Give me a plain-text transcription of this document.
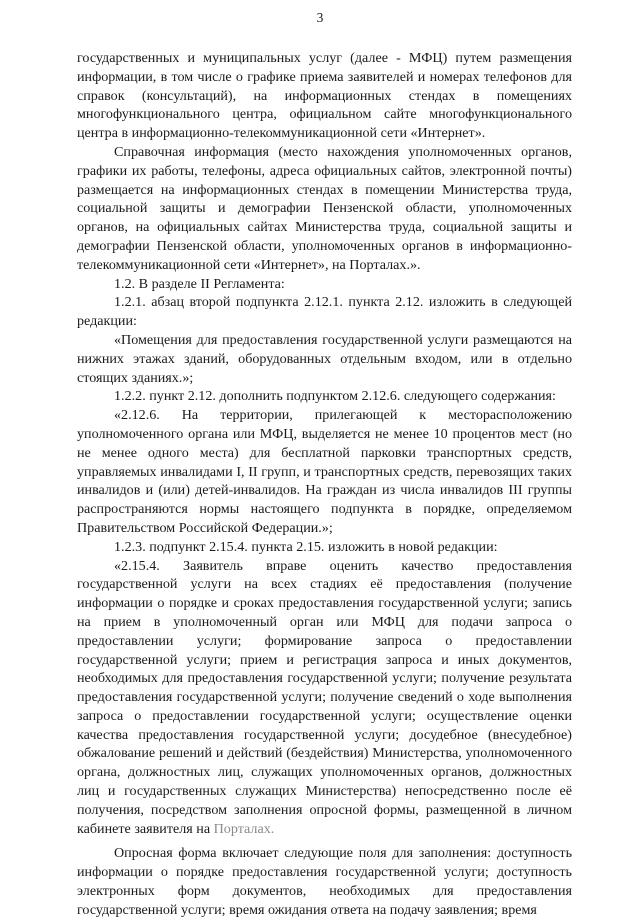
3

государственных и муниципальных услуг (далее - МФЦ) путем размещения информации, в том числе о графике приема заявителей и номерах телефонов для справок (консультаций), на информационных стендах в помещениях многофункционального центра, официальном сайте многофункционального центра в информационно-телекоммуникационной сети «Интернет».

Справочная информация (место нахождения уполномоченных органов, графики их работы, телефоны, адреса официальных сайтов, электронной почты) размещается на информационных стендах в помещении Министерства труда, социальной защиты и демографии Пензенской области, уполномоченных органов, на официальных сайтах Министерства труда, социальной защиты и демографии Пензенской области, уполномоченных органов в информационно-телекоммуникационной сети «Интернет», на Порталах.».

1.2. В разделе II Регламента:

1.2.1. абзац второй подпункта 2.12.1. пункта 2.12. изложить в следующей редакции:

«Помещения для предоставления государственной услуги размещаются на нижних этажах зданий, оборудованных отдельным входом, или в отдельно стоящих зданиях.»;

1.2.2. пункт 2.12. дополнить подпунктом 2.12.6. следующего содержания:

«2.12.6. На территории, прилегающей к месторасположению уполномоченного органа или МФЦ, выделяется не менее 10 процентов мест (но не менее одного места) для бесплатной парковки транспортных средств, управляемых инвалидами I, II групп, и транспортных средств, перевозящих таких инвалидов и (или) детей-инвалидов. На граждан из числа инвалидов III группы распространяются нормы настоящего подпункта в порядке, определяемом Правительством Российской Федерации.»;

1.2.3. подпункт 2.15.4. пункта 2.15. изложить в новой редакции:

«2.15.4. Заявитель вправе оценить качество предоставления государственной услуги на всех стадиях её предоставления (получение информации о порядке и сроках предоставления государственной услуги; запись на прием в уполномоченный орган или МФЦ для подачи запроса о предоставлении услуги; формирование запроса о предоставлении государственной услуги; прием и регистрация запроса и иных документов, необходимых для предоставления государственной услуги; получение результата предоставления государственной услуги; получение сведений о ходе выполнения запроса о предоставлении государственной услуги; осуществление оценки качества предоставления государственной услуги; досудебное (внесудебное) обжалование решений и действий (бездействия) Министерства, уполномоченного органа, должностных лиц, служащих уполномоченных органов, должностных лиц и государственных служащих Министерства) непосредственно после её получения, посредством заполнения опросной формы, размещенной в личном кабинете заявителя на Порталах.

Опросная форма включает следующие поля для заполнения: доступность информации о порядке предоставления государственной услуги; доступность электронных форм документов, необходимых для предоставления государственной услуги; время ожидания ответа на подачу заявления; время
